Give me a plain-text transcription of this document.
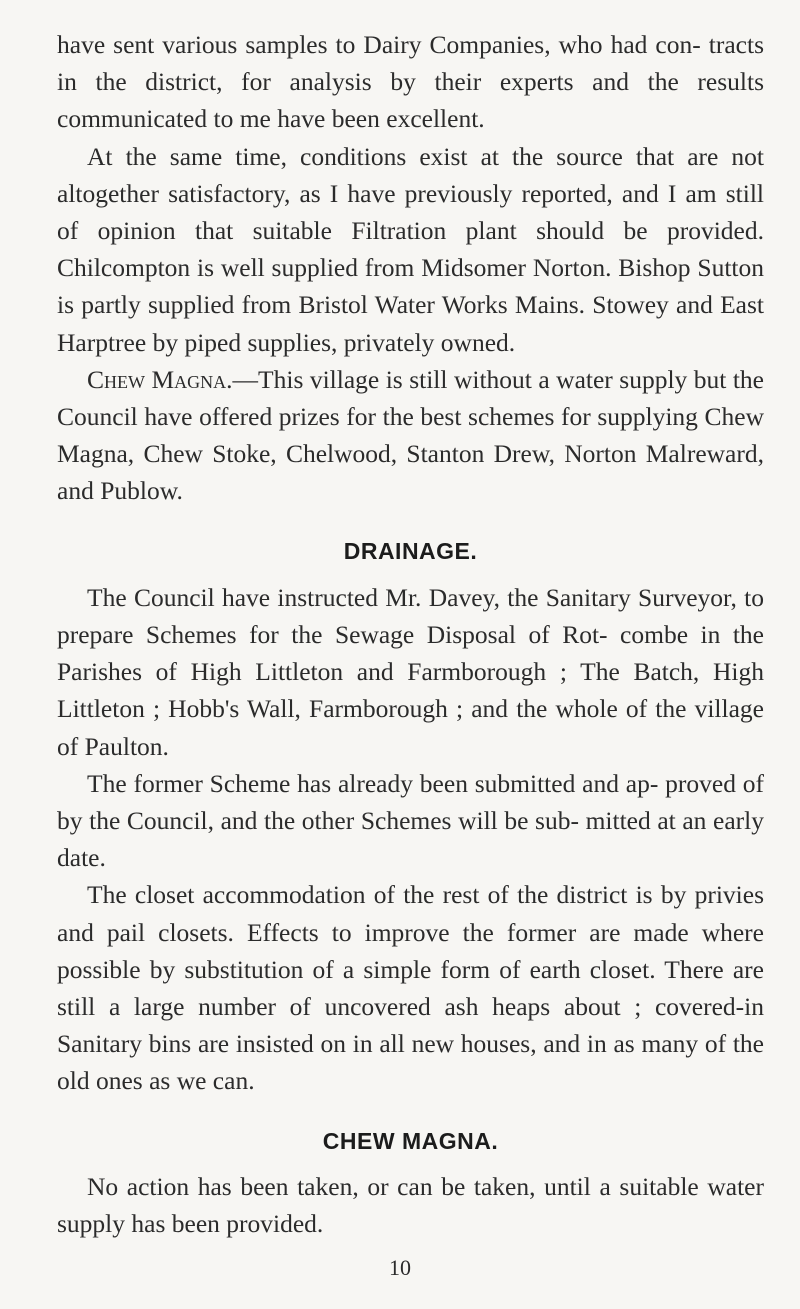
have sent various samples to Dairy Companies, who had con- tracts in the district, for analysis by their experts and the results communicated to me have been excellent.

At the same time, conditions exist at the source that are not altogether satisfactory, as I have previously reported, and I am still of opinion that suitable Filtration plant should be provided. Chilcompton is well supplied from Midsomer Norton. Bishop Sutton is partly supplied from Bristol Water Works Mains. Stowey and East Harptree by piped supplies, privately owned.

Chew Magna.—This village is still without a water supply but the Council have offered prizes for the best schemes for supplying Chew Magna, Chew Stoke, Chelwood, Stanton Drew, Norton Malreward, and Publow.

DRAINAGE.

The Council have instructed Mr. Davey, the Sanitary Surveyor, to prepare Schemes for the Sewage Disposal of Rot- combe in the Parishes of High Littleton and Farmborough ; The Batch, High Littleton ; Hobb's Wall, Farmborough ; and the whole of the village of Paulton.

The former Scheme has already been submitted and ap- proved of by the Council, and the other Schemes will be sub- mitted at an early date.

The closet accommodation of the rest of the district is by privies and pail closets. Effects to improve the former are made where possible by substitution of a simple form of earth closet. There are still a large number of uncovered ash heaps about ; covered-in Sanitary bins are insisted on in all new houses, and in as many of the old ones as we can.

CHEW MAGNA.

No action has been taken, or can be taken, until a suitable water supply has been provided.

10
